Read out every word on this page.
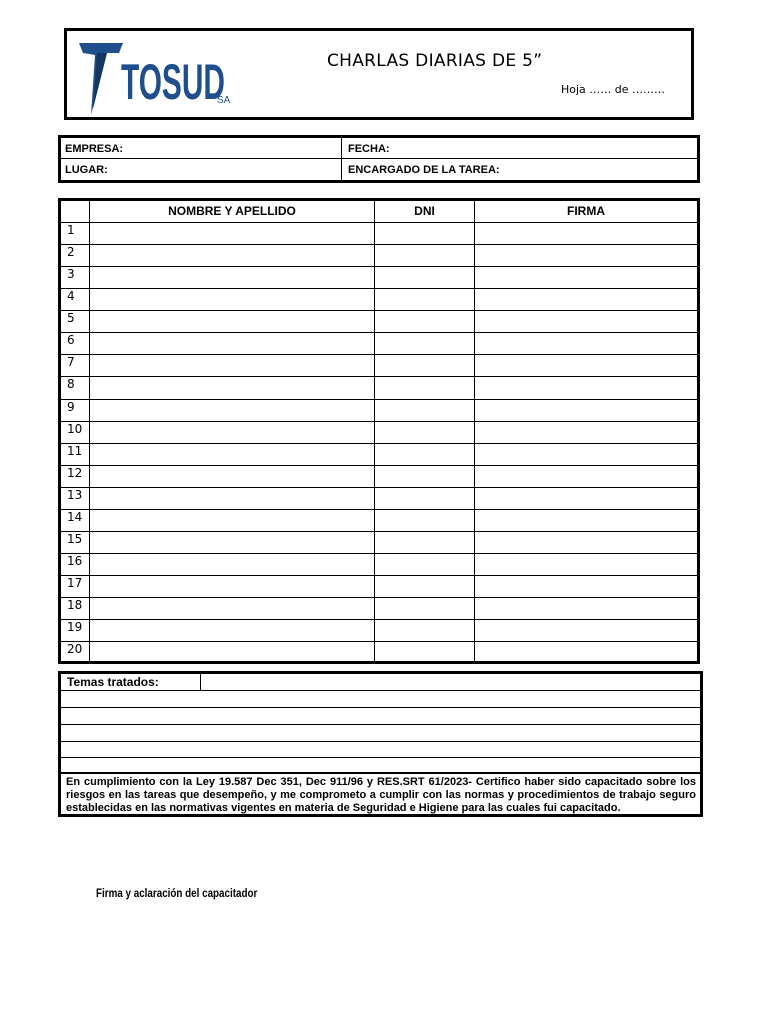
TOSUD
SA
CHARLAS DIARIAS DE 5”
Hoja …… de ………
EMPRESA:	FECHA:
LUGAR:	ENCARGADO DE LA TAREA:
NOMBRE Y APELLIDO	DNI	FIRMA
1
2
3
4
5
6
7
8
9
10
11
12
13
14
15
16
17
18
19
20
Temas tratados:
En cumplimiento con la Ley 19.587 Dec 351, Dec 911/96 y RES.SRT 61/2023- Certifico haber sido capacitado sobre los riesgos en las tareas que desempeño, y me comprometo a cumplir con las normas y procedimientos de trabajo seguro establecidas en las normativas vigentes en materia de Seguridad e Higiene para las cuales fui capacitado.
Firma y aclaración del capacitador
